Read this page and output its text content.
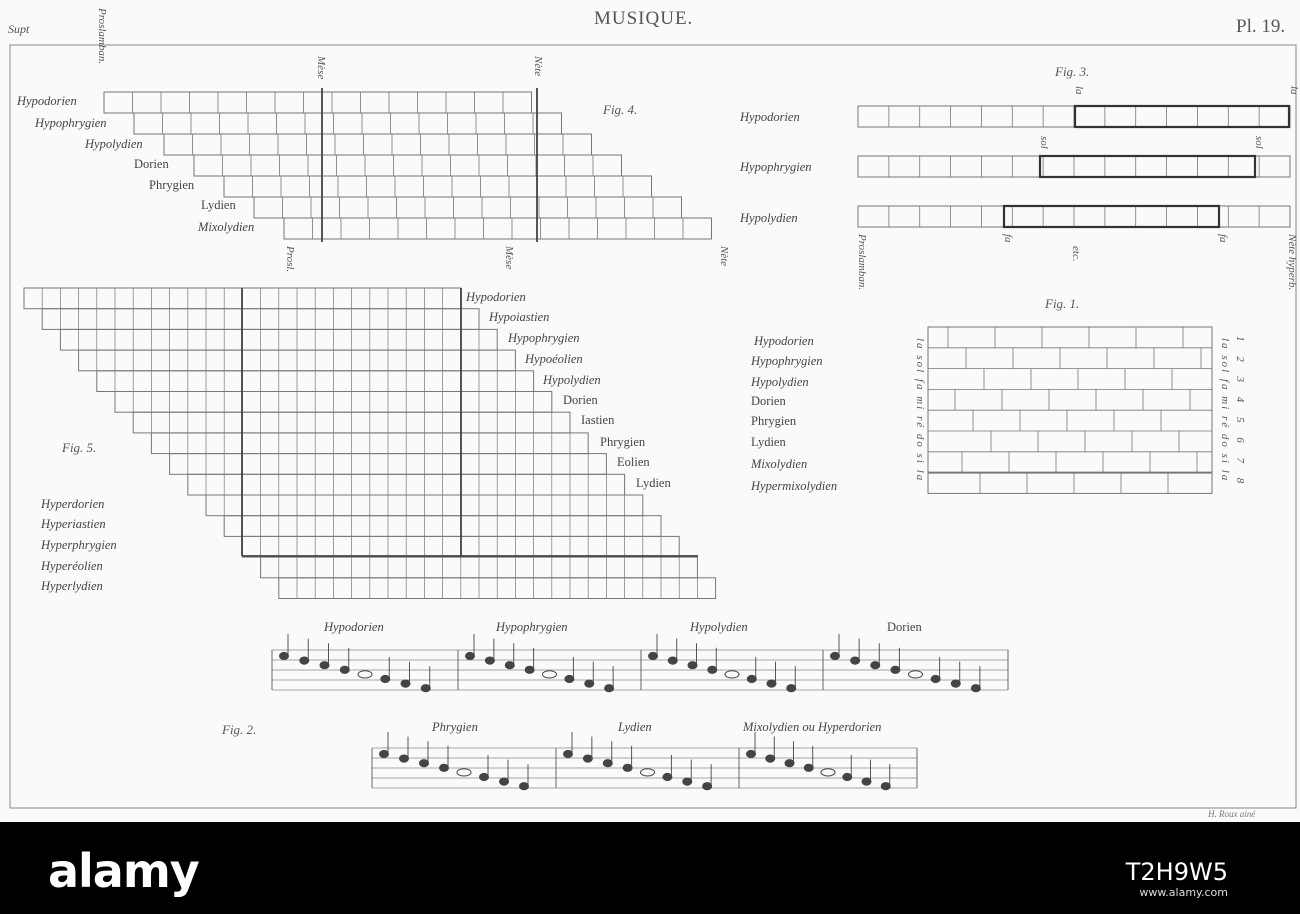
Supt	MUSIQUE.	Pl. 19.
Fig. 4.
Proslamban.
Mèse	Nète
Prosl.	Mèse	Nète
Hypodorien
Hypophrygien
Hypolydien
Dorien
Phrygien
Lydien
Mixolydien
Fig. 3.
Hypodorien
Hypophrygien
Hypolydien
la	la
sol	sol
fa	fa
etc.
Proslamban.	Nète hyperb.
Fig. 1.
Hypodorien
Hypophrygien
Hypolydien
Dorien
Phrygien
Lydien
Mixolydien
Hypermixolydien
la sol fa mi ré do si la
1 2 3 4 5 6 7 8
la sol fa mi ré do si la
Fig. 5.
Hypodorien
Hypoiastien
Hypophrygien
Hypoéolien
Hypolydien
Dorien
Iastien
Phrygien
Eolien
Lydien
Hyperdorien
Hyperiastien
Hyperphrygien
Hyperéolien
Hyperlydien
Fig. 2.
Hypodorien	Hypophrygien	Hypolydien	Dorien
Phrygien	Lydien	Mixolydien ou Hyperdorien
H. Roux ainé
alamy	T2H9W5
www.alamy.com
